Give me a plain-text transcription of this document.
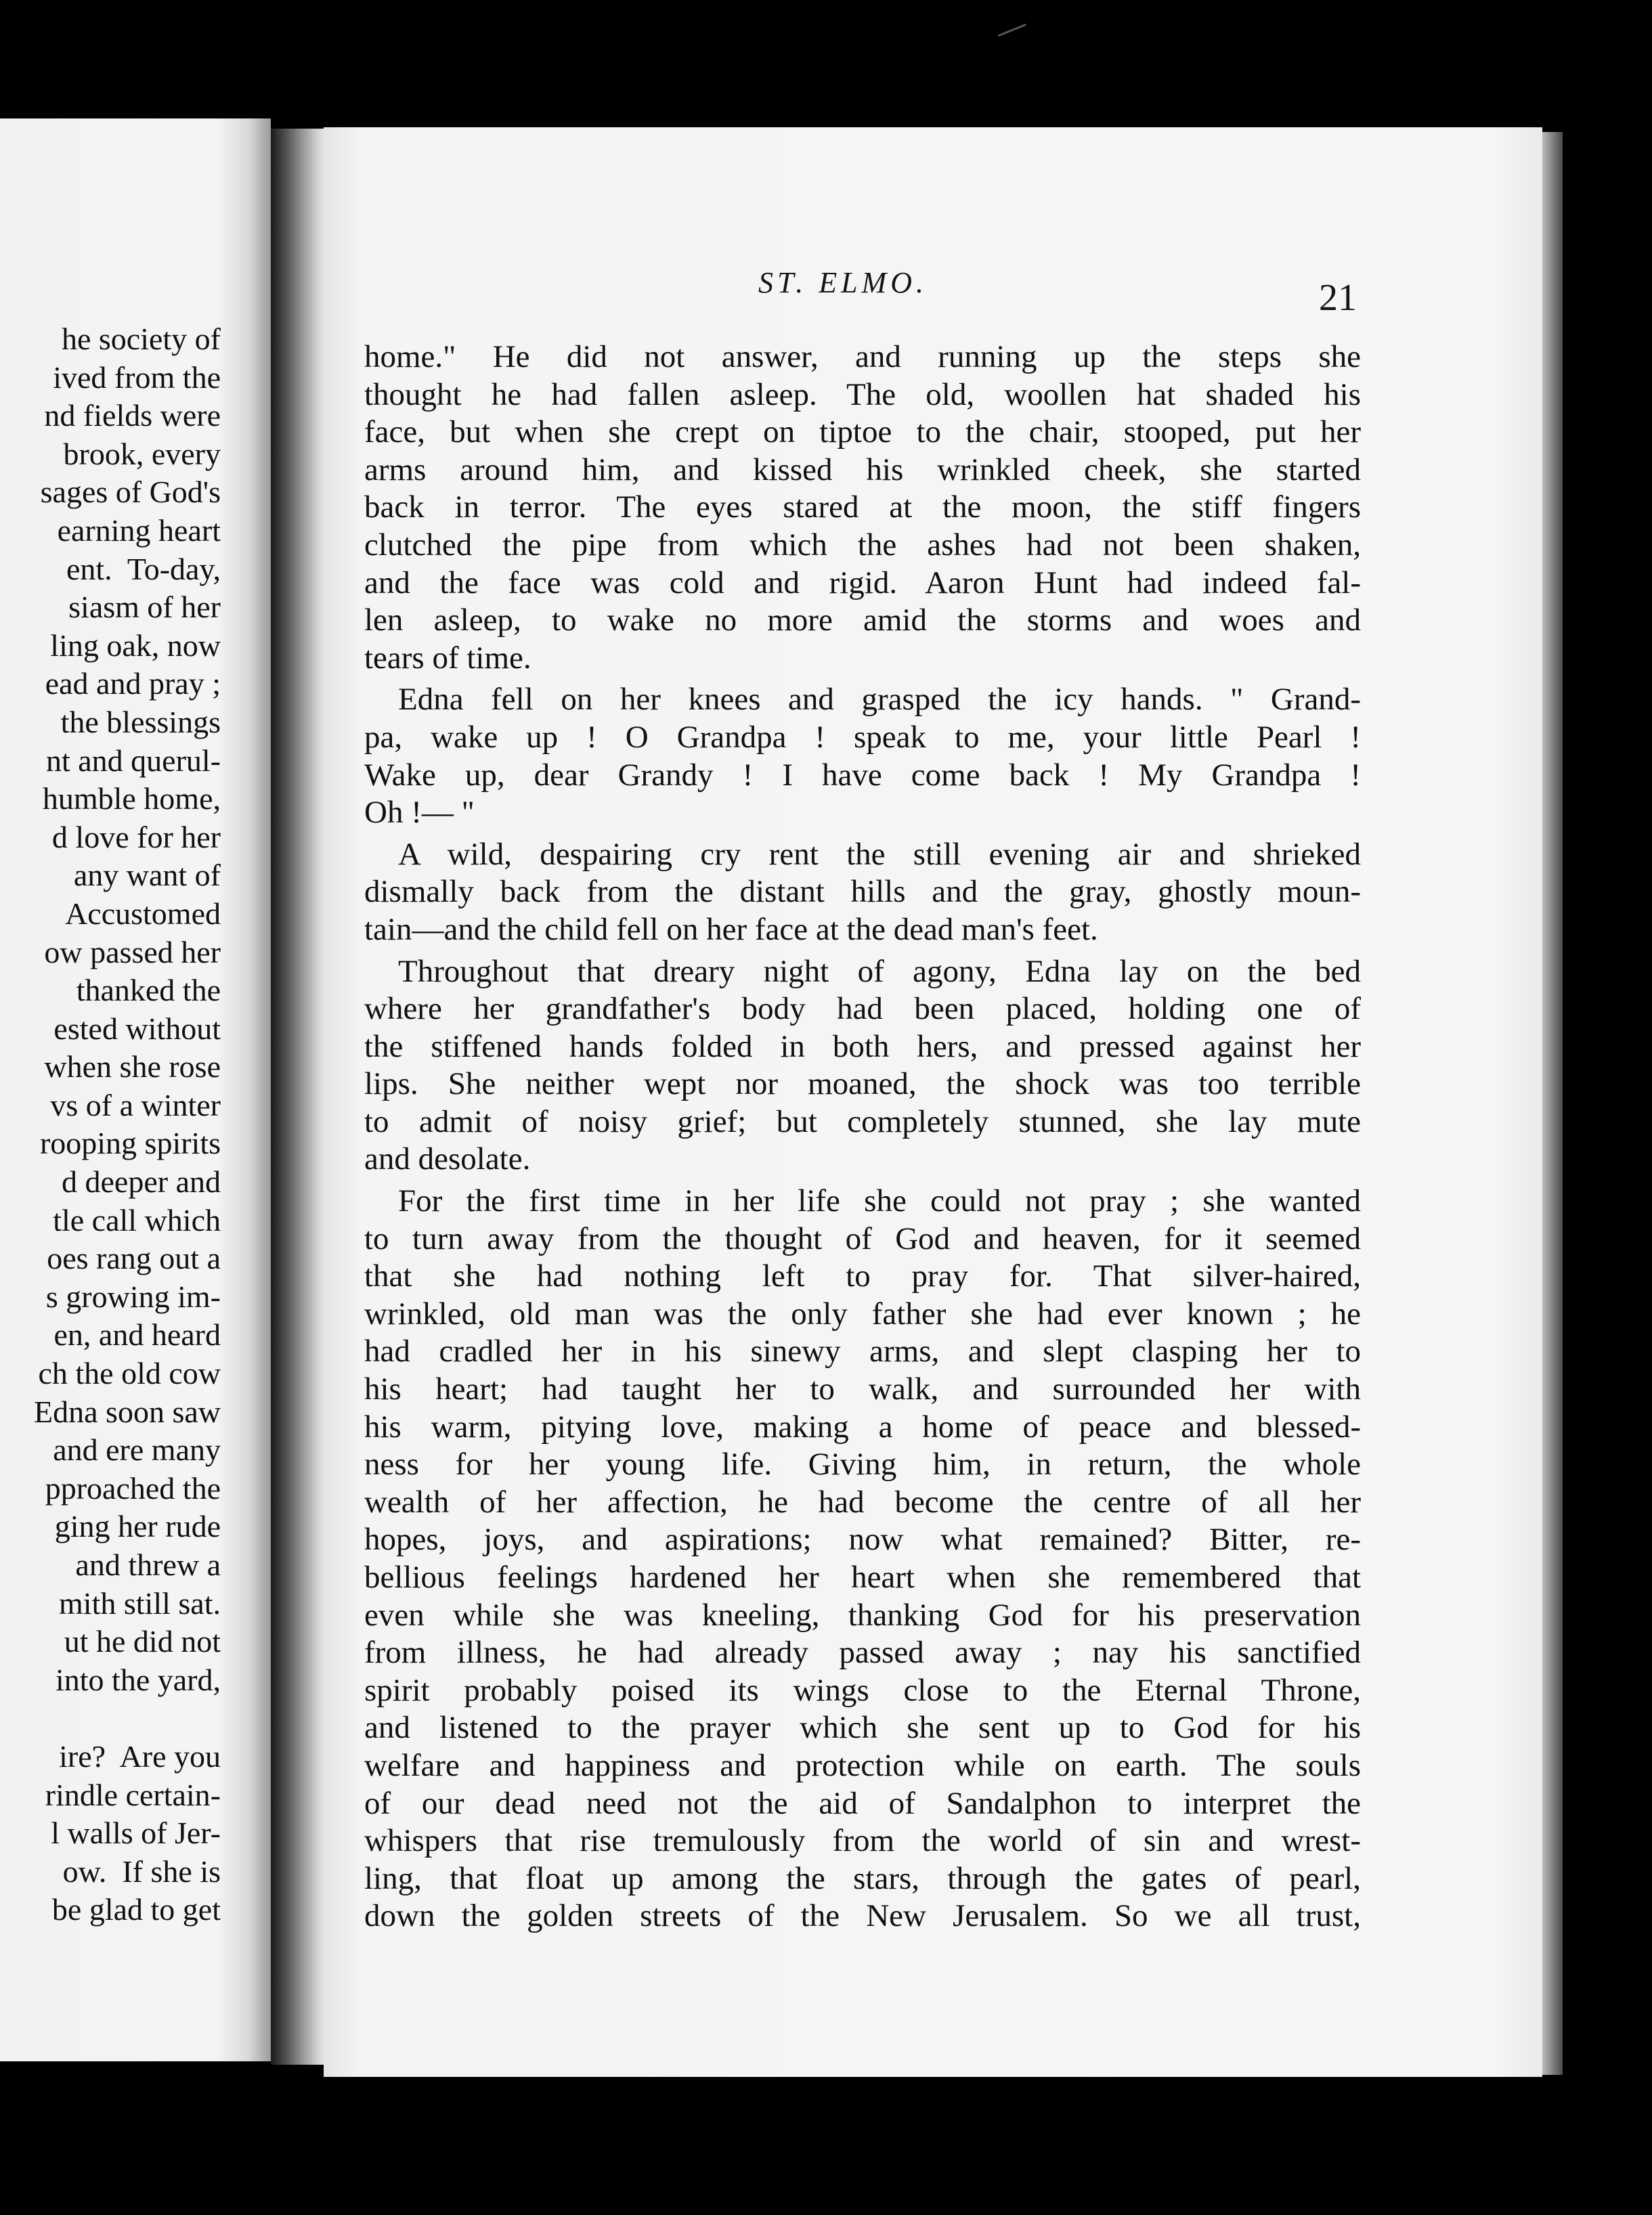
he society of
ived from the
nd fields were
brook, every
sages of God's
earning heart
ent.  To-day,
siasm of her
ling oak, now
ead and pray ;
the blessings
nt and querul-
humble home,
d love for her
any want of
Accustomed
ow passed her
thanked the
ested without
when she rose
vs of a winter
rooping spirits
d deeper and
tle call which
oes rang out a
s growing im-
en, and heard
ch the old cow
Edna soon saw
and ere many
pproached the
ging her rude
and threw a
mith still sat.
ut he did not
into the yard,
ire?  Are you
rindle certain-
l walls of Jer-
ow.  If she is
be glad to get
ST. ELMO.	21
home." He did not answer, and running up the steps she
thought he had fallen asleep. The old, woollen hat shaded his
face, but when she crept on tiptoe to the chair, stooped, put her
arms around him, and kissed his wrinkled cheek, she started
back in terror. The eyes stared at the moon, the stiff fingers
clutched the pipe from which the ashes had not been shaken,
and the face was cold and rigid. Aaron Hunt had indeed fal-
len asleep, to wake no more amid the storms and woes and
tears of time.
Edna fell on her knees and grasped the icy hands. " Grand-
pa, wake up ! O Grandpa ! speak to me, your little Pearl !
Wake up, dear Grandy ! I have come back ! My Grandpa !
Oh !— "
A wild, despairing cry rent the still evening air and shrieked
dismally back from the distant hills and the gray, ghostly moun-
tain—and the child fell on her face at the dead man's feet.
Throughout that dreary night of agony, Edna lay on the bed
where her grandfather's body had been placed, holding one of
the stiffened hands folded in both hers, and pressed against her
lips. She neither wept nor moaned, the shock was too terrible
to admit of noisy grief; but completely stunned, she lay mute
and desolate.
For the first time in her life she could not pray ; she wanted
to turn away from the thought of God and heaven, for it seemed
that she had nothing left to pray for. That silver-haired,
wrinkled, old man was the only father she had ever known ; he
had cradled her in his sinewy arms, and slept clasping her to
his heart; had taught her to walk, and surrounded her with
his warm, pitying love, making a home of peace and blessed-
ness for her young life. Giving him, in return, the whole
wealth of her affection, he had become the centre of all her
hopes, joys, and aspirations; now what remained? Bitter, re-
bellious feelings hardened her heart when she remembered that
even while she was kneeling, thanking God for his preservation
from illness, he had already passed away ; nay his sanctified
spirit probably poised its wings close to the Eternal Throne,
and listened to the prayer which she sent up to God for his
welfare and happiness and protection while on earth. The souls
of our dead need not the aid of Sandalphon to interpret the
whispers that rise tremulously from the world of sin and wrest-
ling, that float up among the stars, through the gates of pearl,
down the golden streets of the New Jerusalem. So we all trust,
